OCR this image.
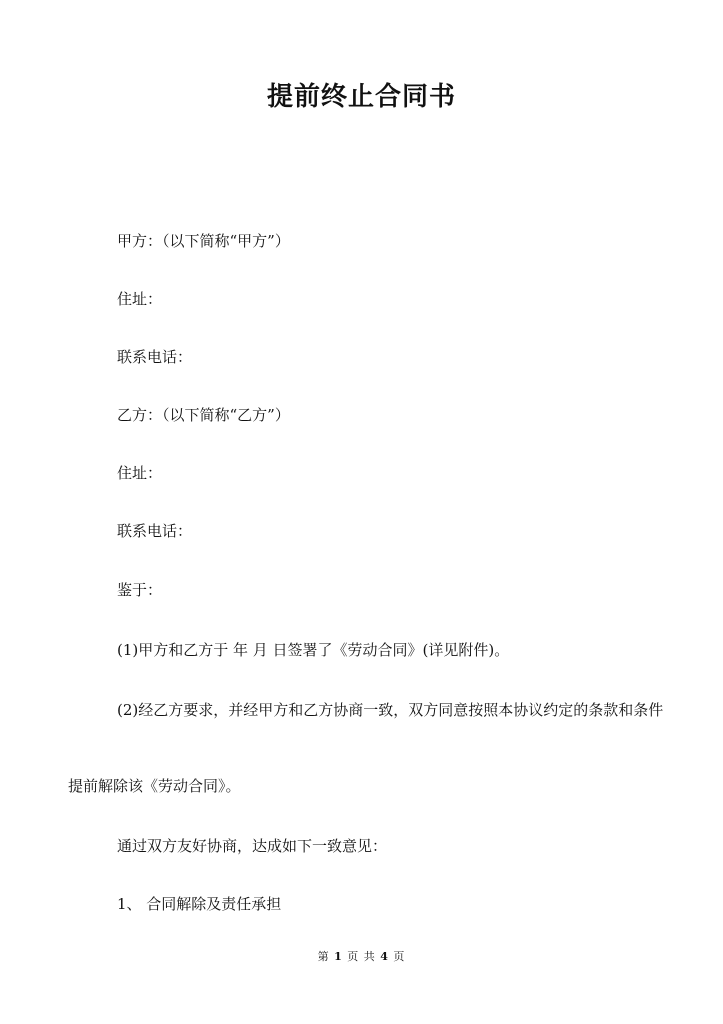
提前终止合同书
甲方：（以下简称“甲方”）
住址：
联系电话：
乙方：（以下简称“乙方”）
住址：
联系电话：
鉴于：
(1)甲方和乙方于 年 月 日签署了《劳动合同》(详见附件)。
(2)经乙方要求，并经甲方和乙方协商一致，双方同意按照本协议约定的条款和条件
提前解除该《劳动合同》。
通过双方友好协商，达成如下一致意见：
1、 合同解除及责任承担
第 1 页 共 4 页
